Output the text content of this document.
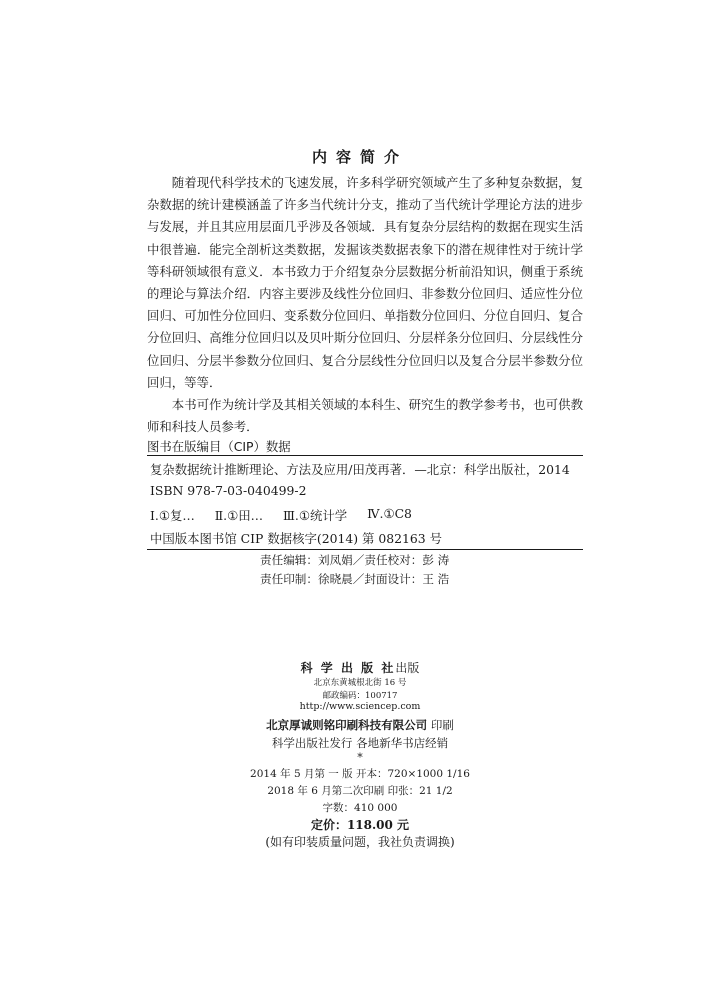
内容简介

随着现代科学技术的飞速发展，许多科学研究领域产生了多种复杂数据，复杂数据的统计建模涵盖了许多当代统计分支，推动了当代统计学理论方法的进步与发展，并且其应用层面几乎涉及各领域．具有复杂分层结构的数据在现实生活中很普遍．能完全剖析这类数据，发掘该类数据表象下的潜在规律性对于统计学等科研领域很有意义．本书致力于介绍复杂分层数据分析前沿知识，侧重于系统的理论与算法介绍．内容主要涉及线性分位回归、非参数分位回归、适应性分位回归、可加性分位回归、变系数分位回归、单指数分位回归、分位自回归、复合分位回归、高维分位回归以及贝叶斯分位回归、分层样条分位回归、分层线性分位回归、分层半参数分位回归、复合分层线性分位回归以及复合分层半参数分位回归，等等．

本书可作为统计学及其相关领域的本科生、研究生的教学参考书，也可供教师和科技人员参考．

图书在版编目（CIP）数据
复杂数据统计推断理论、方法及应用/田茂再著．—北京：科学出版社，2014
ISBN 978-7-03-040499-2
Ⅰ.①复… Ⅱ.①田… Ⅲ.①统计学 Ⅳ.①C8
中国版本图书馆 CIP 数据核字(2014) 第 082163 号
责任编辑：刘凤娟／责任校对：彭 涛
责任印制：徐晓晨／封面设计：王 浩
科 学 出 版 社出版
北京东黄城根北街 16 号
邮政编码：100717
http://www.sciencep.com
北京厚诚则铭印刷科技有限公司 印刷
科学出版社发行 各地新华书店经销
*
2014 年 5 月第 一 版 开本：720×1000 1/16
2018 年 6 月第二次印刷 印张：21 1/2
字数：410 000
定价：118.00 元
(如有印装质量问题，我社负责调换)
